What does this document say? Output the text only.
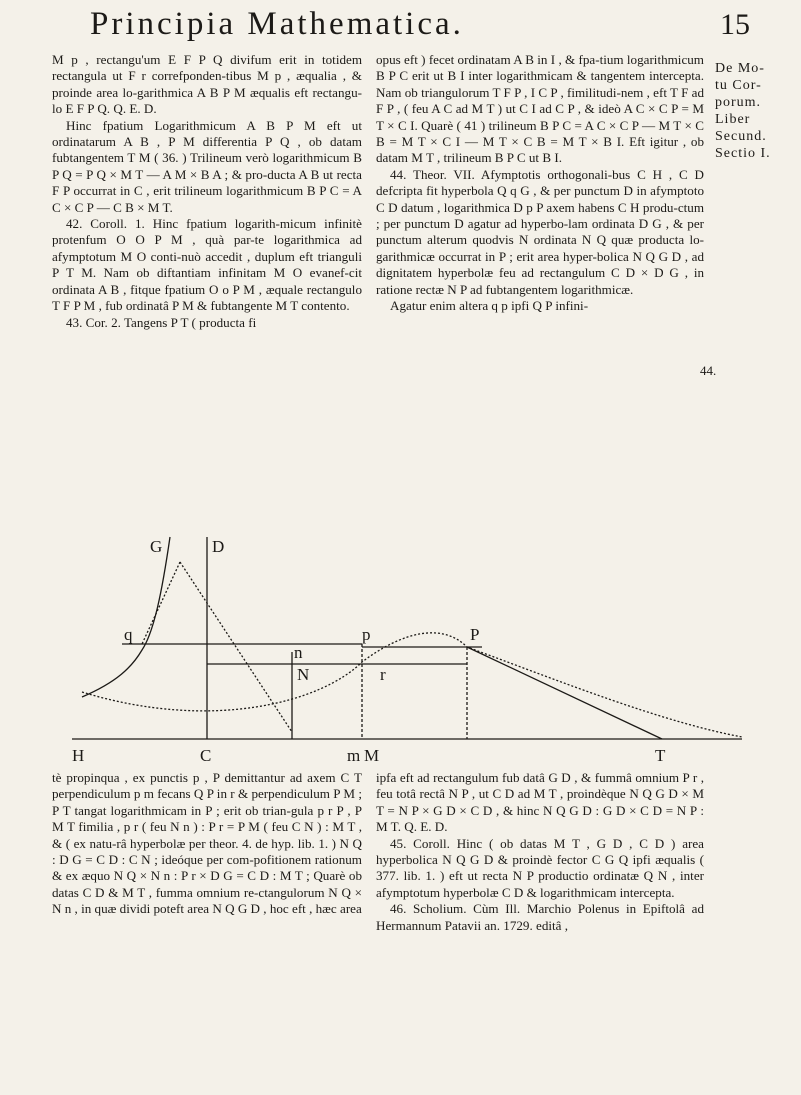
Principia Mathematica.	15
De Mo-
tu Cor-
porum.
Liber
Secund.
Sectio I.

M p , rectangu'um E F P Q divifum erit in totidem rectangula ut F r correfponden-tibus M p , æqualia , & proinde area lo-garithmica A B P M æqualis eft rectangu-lo E F P Q. Q. E. D.

Hinc fpatium Logarithmicum A B P M eft ut ordinatarum A B , P M differentia P Q , ob datam fubtangentem T M ( 36. ) Trilineum verò logarithmicum B P Q = P Q × M T — A M × B A ; & pro-ducta A B ut recta F P occurrat in C , erit trilineum logarithmicum B P C = A C × C P — C B × M T.

42. Coroll. 1. Hinc fpatium logarith-micum infinitè protenfum O O P M , quà par-te logarithmica ad afymptotum M O conti-nuò accedit , duplum eft trianguli P T M. Nam ob diftantiam infinitam M O evanef-cit ordinata A B , fitque fpatium O o P M , æquale rectangulo T F P M , fub ordinatâ P M & fubtangente M T contento.

43. Cor. 2. Tangens P T ( producta fi

opus eft ) fecet ordinatam A B in I , & fpa-tium logarithmicum B P C erit ut B I inter logarithmicam & tangentem intercepta. Nam ob triangulorum T F P , I C P , fimilitudi-nem , eft T F ad F P , ( feu A C ad M T ) ut C I ad C P , & ideò A C × C P = M T × C I. Quarè ( 41 ) trilineum B P C = A C × C P — M T × C B = M T × C I — M T × C B = M T × B I. Eft igitur , ob datam M T , trilineum B P C ut B I.

44. Theor. VII. Afymptotis orthogonali-bus C H , C D defcripta fit hyperbola Q q G , & per punctum D in afymptoto C D datum , logarithmica D p P axem habens C H produ-ctum ; per punctum D agatur ad hyperbo-lam ordinata D G , & per punctum alterum quodvis N ordinata N Q quæ producta lo-garithmicæ occurrat in P ; erit area hyper-bolica N Q G D , ad dignitatem hyperbolæ feu ad rectangulum C D × D G , in ratione rectæ N P ad fubtangentem logarithmicæ.

Agatur enim altera q p ipfi Q P infini-

44.
G	D
q	p
n
P
N	r
H	C	m M	T

tè propinqua , ex punctis p , P demittantur ad axem C T perpendiculum p m fecans Q P in r & perpendiculum P M ; P T tangat logarithmicam in P ; erit ob trian-gula p r P , P M T fimilia , p r ( feu N n ) : P r = P M ( feu C N ) : M T , & ( ex natu-râ hyperbolæ per theor. 4. de hyp. lib. 1. ) N Q : D G = C D : C N ; ideóque per com-pofitionem rationum & ex æquo N Q × N n : P r × D G = C D : M T ; Quarè ob datas C D & M T , fumma omnium re-ctangulorum N Q × N n , in quæ dividi poteft area N Q G D , hoc eft , hæc area

ipfa eft ad rectangulum fub datâ G D , & fummâ omnium P r , feu totâ rectâ N P , ut C D ad M T , proindèque N Q G D × M T = N P × G D × C D , & hinc N Q G D : G D × C D = N P : M T. Q. E. D.

45. Coroll. Hinc ( ob datas M T , G D , C D ) area hyperbolica N Q G D & proindè fector C G Q ipfi æqualis ( 377. lib. 1. ) eft ut recta N P productio ordinatæ Q N , inter afymptotum hyperbolæ C D & logarithmicam intercepta.

46. Scholium. Cùm Ill. Marchio Polenus in Epiftolâ ad Hermannum Patavii an. 1729. editâ ,
